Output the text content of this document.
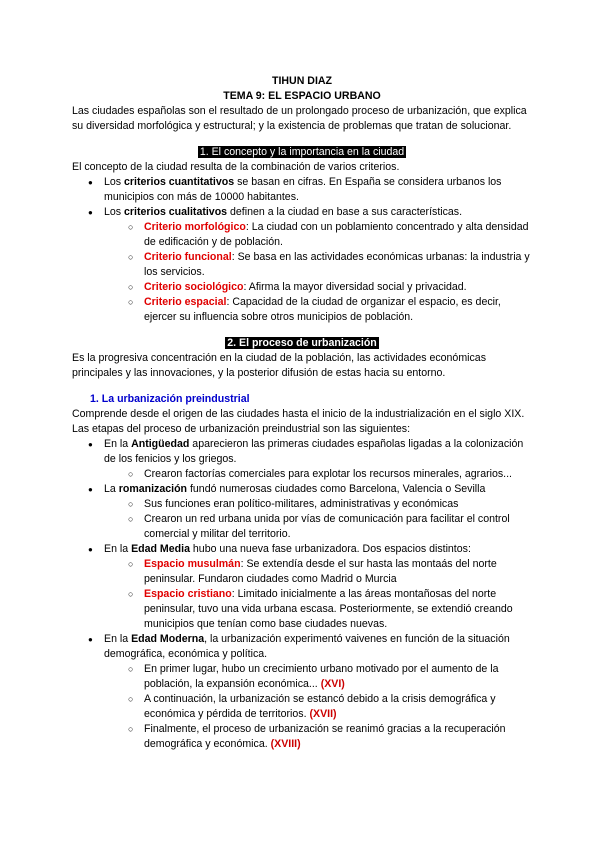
TIHUN DIAZ

TEMA 9: EL ESPACIO URBANO

Las ciudades españolas son el resultado de un prolongado proceso de urbanización, que explica su diversidad morfológica y estructural; y la existencia de problemas que tratan de solucionar.

1. El concepto y la importancia en la ciudad

El concepto de la ciudad resulta de la combinación de varios criterios.

● Los criterios cuantitativos se basan en cifras. En España se considera urbanos los municipios con más de 10000 habitantes.
● Los criterios cualitativos definen a la ciudad en base a sus características.
○ Criterio morfológico: La ciudad con un poblamiento concentrado y alta densidad de edificación y de población.
○ Criterio funcional: Se basa en las actividades económicas urbanas: la industria y los servicios.
○ Criterio sociológico: Afirma la mayor diversidad social y privacidad.
○ Criterio espacial: Capacidad de la ciudad de organizar el espacio, es decir, ejercer su influencia sobre otros municipios de población.

2. El proceso de urbanización

Es la progresiva concentración en la ciudad de la población, las actividades económicas principales y las innovaciones, y la posterior difusión de estas hacia su entorno.

1. La urbanización preindustrial

Comprende desde el origen de las ciudades hasta el inicio de la industrialización en el siglo XIX. Las etapas del proceso de urbanización preindustrial son las siguientes:

● En la Antigüedad aparecieron las primeras ciudades españolas ligadas a la colonización de los fenicios y los griegos.
○ Crearon factorías comerciales para explotar los recursos minerales, agrarios...
● La romanización fundó numerosas ciudades como Barcelona, Valencia o Sevilla
○ Sus funciones eran político-militares, administrativas y económicas
○ Crearon un red urbana unida por vías de comunicación para facilitar el control comercial y militar del territorio.
● En la Edad Media hubo una nueva fase urbanizadora. Dos espacios distintos:
○ Espacio musulmán: Se extendía desde el sur hasta las montaás del norte peninsular. Fundaron ciudades como Madrid o Murcia
○ Espacio cristiano: Limitado inicialmente a las áreas montañosas del norte peninsular, tuvo una vida urbana escasa. Posteriormente, se extendió creando municipios que tenían como base ciudades nuevas.
● En la Edad Moderna, la urbanización experimentó vaivenes en función de la situación demográfica, económica y política.
○ En primer lugar, hubo un crecimiento urbano motivado por el aumento de la población, la expansión económica... (XVI)
○ A continuación, la urbanización se estancó debido a la crisis demográfica y económica y pérdida de territorios. (XVII)
○ Finalmente, el proceso de urbanización se reanimó gracias a la recuperación demográfica y económica. (XVIII)
